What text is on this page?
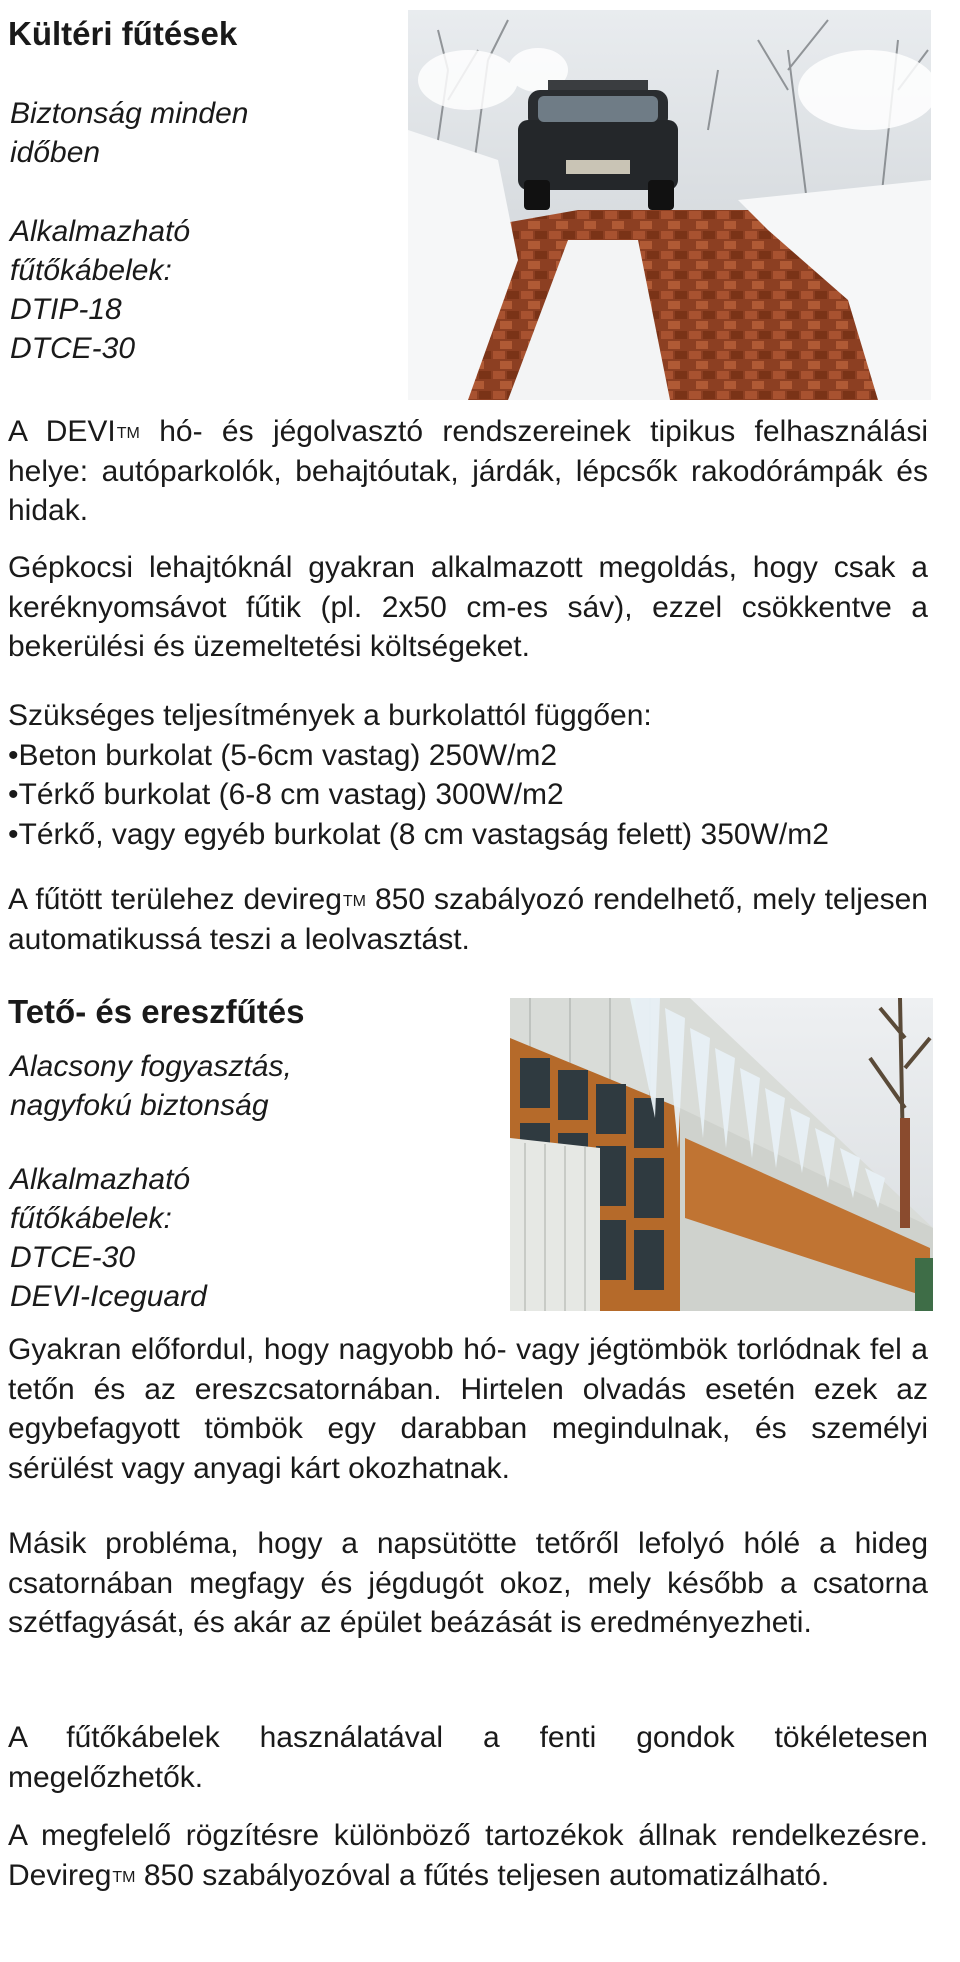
Kültéri fűtések
Biztonság minden
időben
Alkalmazható
fűtőkábelek:
DTIP-18
DTCE-30
A DEVI™ hó- és jégolvasztó rendszereinek tipikus felhasználási helye: autóparkolók, behajtóutak, járdák, lépcsők rakodórámpák és hidak.

Gépkocsi lehajtóknál gyakran alkalmazott megoldás, hogy csak a keréknyomsávot fűtik (pl. 2x50 cm-es sáv), ezzel csökkentve a bekerülési és üzemeltetési költségeket.

Szükséges teljesítmények a burkolattól függően:
•Beton burkolat (5-6cm vastag) 250W/m2
•Térkő burkolat (6-8 cm vastag) 300W/m2
•Térkő, vagy egyéb burkolat (8 cm vastagság felett) 350W/m2
A fűtött terülehez devireg™ 850 szabályozó rendelhető, mely teljesen automatikussá teszi a leolvasztást.
Tető- és ereszfűtés
Alacsony fogyasztás,
nagyfokú biztonság
Alkalmazható
fűtőkábelek:
DTCE-30
DEVI-Iceguard

Gyakran előfordul, hogy nagyobb hó- vagy jégtömbök torlódnak fel a tetőn és az ereszcsatornában. Hirtelen olvadás esetén ezek az egybefagyott tömbök egy darabban megindulnak, és személyi sérülést vagy anyagi kárt okozhatnak.

Másik probléma, hogy a napsütötte tetőről lefolyó hólé a hideg csatornában megfagy és jégdugót okoz, mely később a csatorna szétfagyását, és akár az épület beázását is eredményezheti.

A fűtőkábelek használatával a fenti gondok tökéletesen megelőzhetők.

A megfelelő rögzítésre különböző tartozékok állnak rendelkezésre. Devireg™ 850 szabályozóval a fűtés teljesen automatizálható.
